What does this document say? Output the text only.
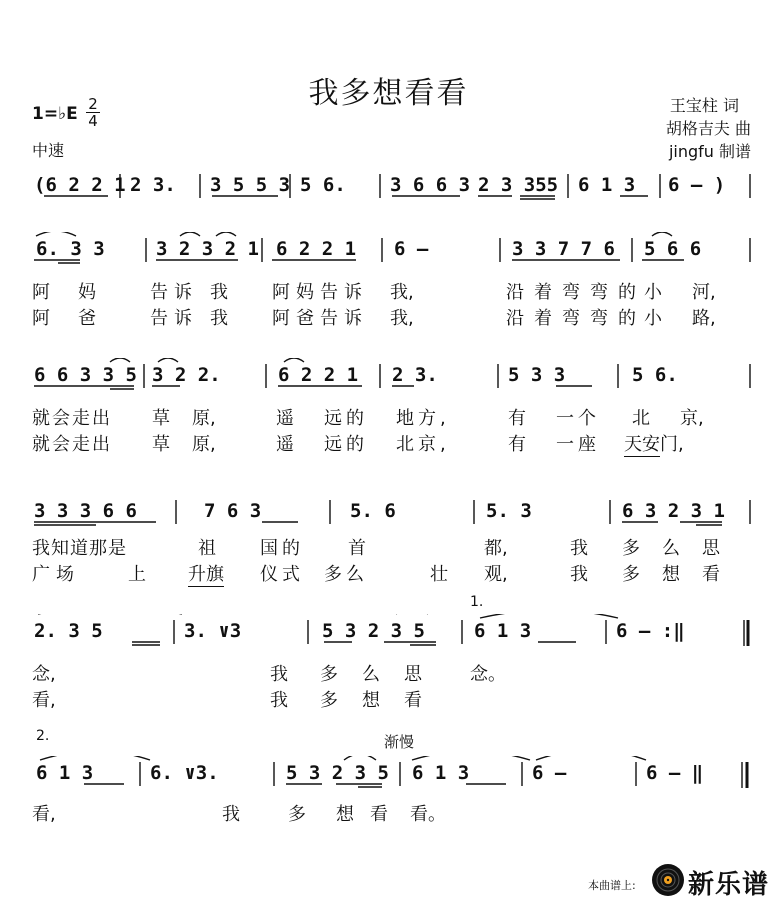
我多想看看
1=♭E 2
4
中速
王宝柱 词
胡格吉夫 曲
jingfu 制谱
(6 2 2 1 2 3. 3 5 5 3 5 6. 3 6 6 3 2 3 355 6 1 3 6 – )
6. 3 3	3 2 3 2 1 6 2 2 1 6 –	3 3 7 7 6 5 6 6
阿 妈	告诉 我 阿妈告诉 我,	沿着弯弯的
小 河,
阿 爸	告诉 我 阿爸告诉 我,	沿着弯弯的
小 路,
6 6 3 3 5 3 2 2.	6 2 2 1 2 3.	5 3 3	5 6.
就会走出 草 原,	遥 远的 地方,	有 一个 北 京,
就会走出 草 原,	遥 远的 北京,	有 一座 天安 门,
3 3 3 6 6	7 6 3	5. 6	5. 3	6 3 2 3 1
我知道那是	祖 国的 首	都,	我 多 么 思
广场	上 升旗 仪式 多么	壮 观,	我 多 想 看
1.
2. 3 5	3. ∨3	5 3 2 3 5	6 1 3	6 – :‖
念,	我 多 么 思	念。
看,	我 多 想 看
2.	渐慢
6 1 3	6. ∨3.	5 3 2 3 5 6 1 3	6 –	6 – ‖
看,	我	多 想 看 看。
本曲谱上: 新乐谱
